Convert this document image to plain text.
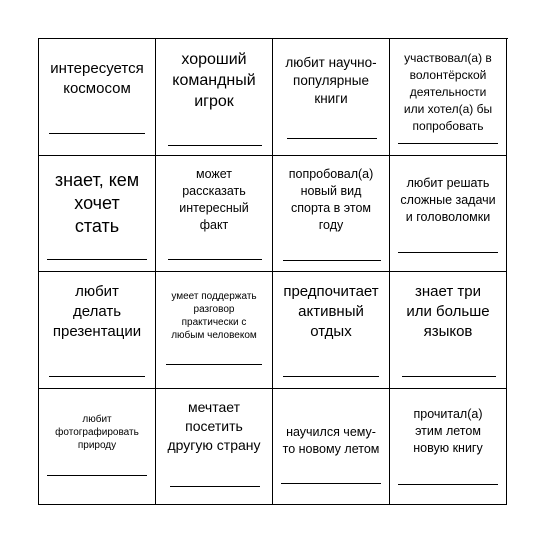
интересуется
космосом
хороший
командный
игрок
любит научно-
популярные
книги
участвовал(а) в
волонтёрской
деятельности
или хотел(а) бы
попробовать
знает, кем
хочет
стать
может
рассказать
интересный
факт
попробовал(а)
новый вид
спорта в этом
году
любит решать
сложные задачи
и головоломки
любит
делать
презентации
умеет поддержать
разговор
практически с
любым человеком
предпочитает
активный
отдых
знает три
или больше
языков
любит
фотографировать
природу
мечтает
посетить
другую страну
научился чему-
то новому летом
прочитал(а)
этим летом
новую книгу
